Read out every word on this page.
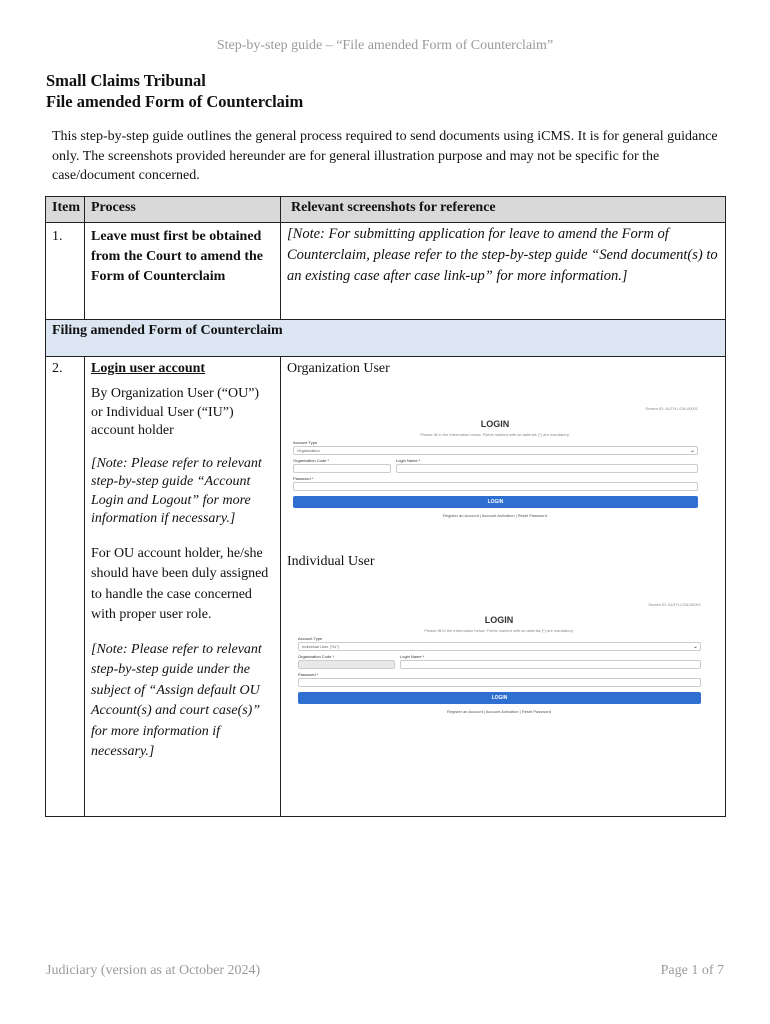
Step-by-step guide – “File amended Form of Counterclaim”
Small Claims Tribunal
File amended Form of Counterclaim
This step-by-step guide outlines the general process required to send documents using iCMS. It is for general guidance only. The screenshots provided hereunder are for general illustration purpose and may not be specific for the case/document concerned.
Item	Process	Relevant screenshots for reference
1.	Leave must first be obtained from the Court to amend the Form of Counterclaim	[Note: For submitting application for leave to amend the Form of Counterclaim, please refer to the step-by-step guide “Send document(s) to an existing case after case link-up” for more information.]
Filing amended Form of Counterclaim		
2.	Login user account

By Organization User (“OU”) or Individual User (“IU”) account holder

[Note: Please refer to relevant step-by-step guide “Account Login and Logout” for more information if necessary.]

For OU account holder, he/she should have been duly assigned to handle the case concerned with proper user role.

[Note: Please refer to relevant step-by-step guide under the subject of “Assign default OU Account(s) and court case(s)” for more information if necessary.]	Organization User
Screen ID: AUTH-LGN-00001
LOGIN
Please fill in the information below. Fields marked with an asterisk (*) are mandatory.
Account Type
Organization	⌄
Organization Code *	Login Name *
Password *
LOGIN
Register an Account | Account Activation | Reset Password
Individual User
Screen ID: AUTH-LGN-00001
LOGIN
Please fill in the information below. Fields marked with an asterisk (*) are mandatory.
Account Type
Individual User ("IU")	⌄
Organization Code *	Login Name *
Password *
LOGIN
Register an Account | Account Activation | Reset Password
Judiciary (version as at October 2024)	Page 1 of 7
